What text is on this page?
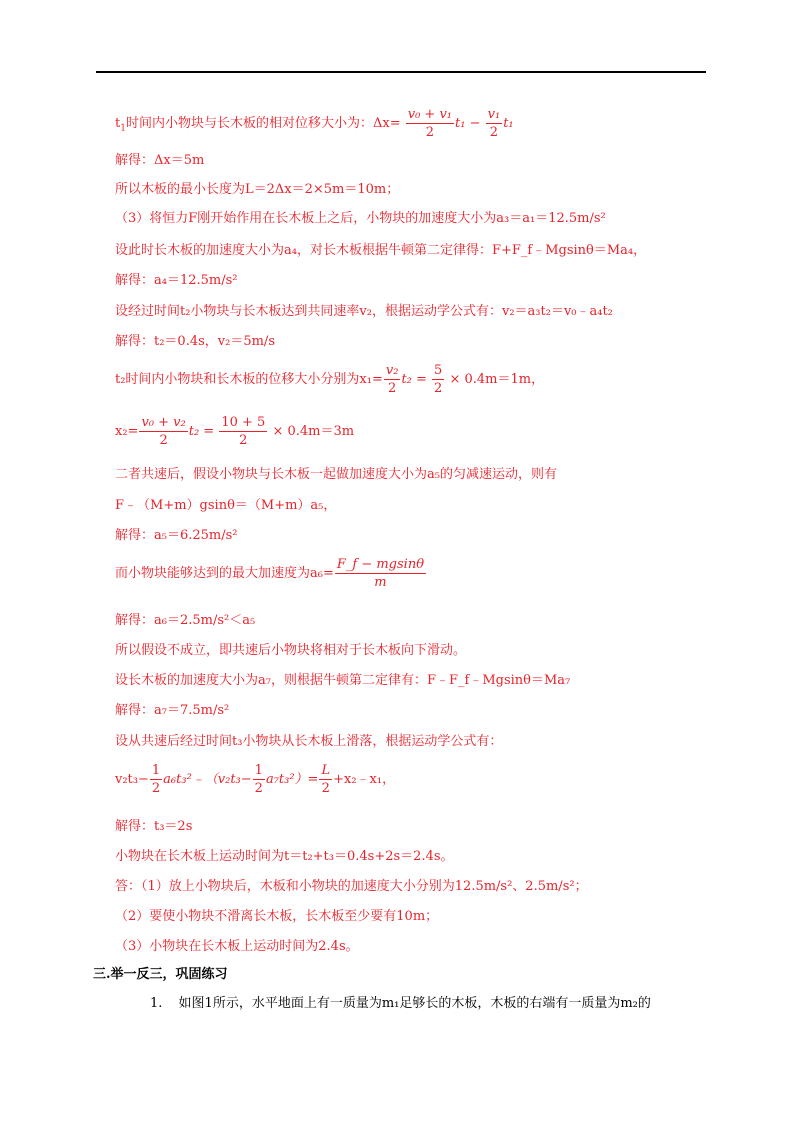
$t_1$时间内小物块与长木板的相对位移大小为：$\Delta x= \frac{\text{v₀ + v₁}}{2} t_1 - \frac{\text{v₁}}{2} t_1$
解得：Δx＝5m
所以木板的最小长度为L＝2Δx＝2×5m＝10m；
（3）将恒力F刚开始作用在长木板上之后，小物块的加速度大小为a₃＝a₁＝12.5m/s²
设此时长木板的加速度大小为a₄，对长木板根据牛顿第二定律得：F+F_f﹣Mgsinθ＝Ma₄，
解得：a₄＝12.5m/s²
设经过时间t₂小物块与长木板达到共同速率v₂，根据运动学公式有：v₂＝a₃t₂＝v₀﹣a₄t₂
解得：t₂＝0.4s，v₂＝5m/s
t₂时间内小物块和长木板的位移大小分别为$x_1= \frac{\text{v₂}}{2} t_2 = \frac{5}{2} \times 0.4m=1m$，
$x_2= \frac{\text{v₀ + v₂}}{2} t_2 = \frac{10 + 5}{2} \times 0.4m=3m$
二者共速后，假设小物块与长木板一起做加速度大小为a₅的匀减速运动，则有
F﹣（M+m）gsinθ＝（M+m）a₅，
解得：a₅＝6.25m/s²
而小物块能够达到的最大加速度为$a_6= \frac{F\_f - mgsin\theta}{m}$
解得：a₆＝2.5m/s²＜a₅
所以假设不成立，即共速后小物块将相对于长木板向下滑动。
设长木板的加速度大小为a₇，则根据牛顿第二定律有：F﹣F_f﹣Mgsinθ＝Ma₇
解得：a₇＝7.5m/s²
设从共速后经过时间t₃小物块从长木板上滑落，根据运动学公式有：
$v_2t_3- \frac{1}{2}$ a₆t₃²﹣（v₂t₃− $\frac{1}{2} a_7t_3^2)= \frac{L}{2}$ +x₂﹣x₁，
解得：t₃＝2s
小物块在长木板上运动时间为t＝t₂+t₃＝0.4s+2s＝2.4s。
答：（1）放上小物块后，木板和小物块的加速度大小分别为12.5m/s²、2.5m/s²；
（2）要使小物块不滑离长木板，长木板至少要有10m；
（3）小物块在长木板上运动时间为2.4s。
三.举一反三，巩固练习
1. 如图1所示，水平地面上有一质量为m₁足够长的木板，木板的右端有一质量为m₂的
